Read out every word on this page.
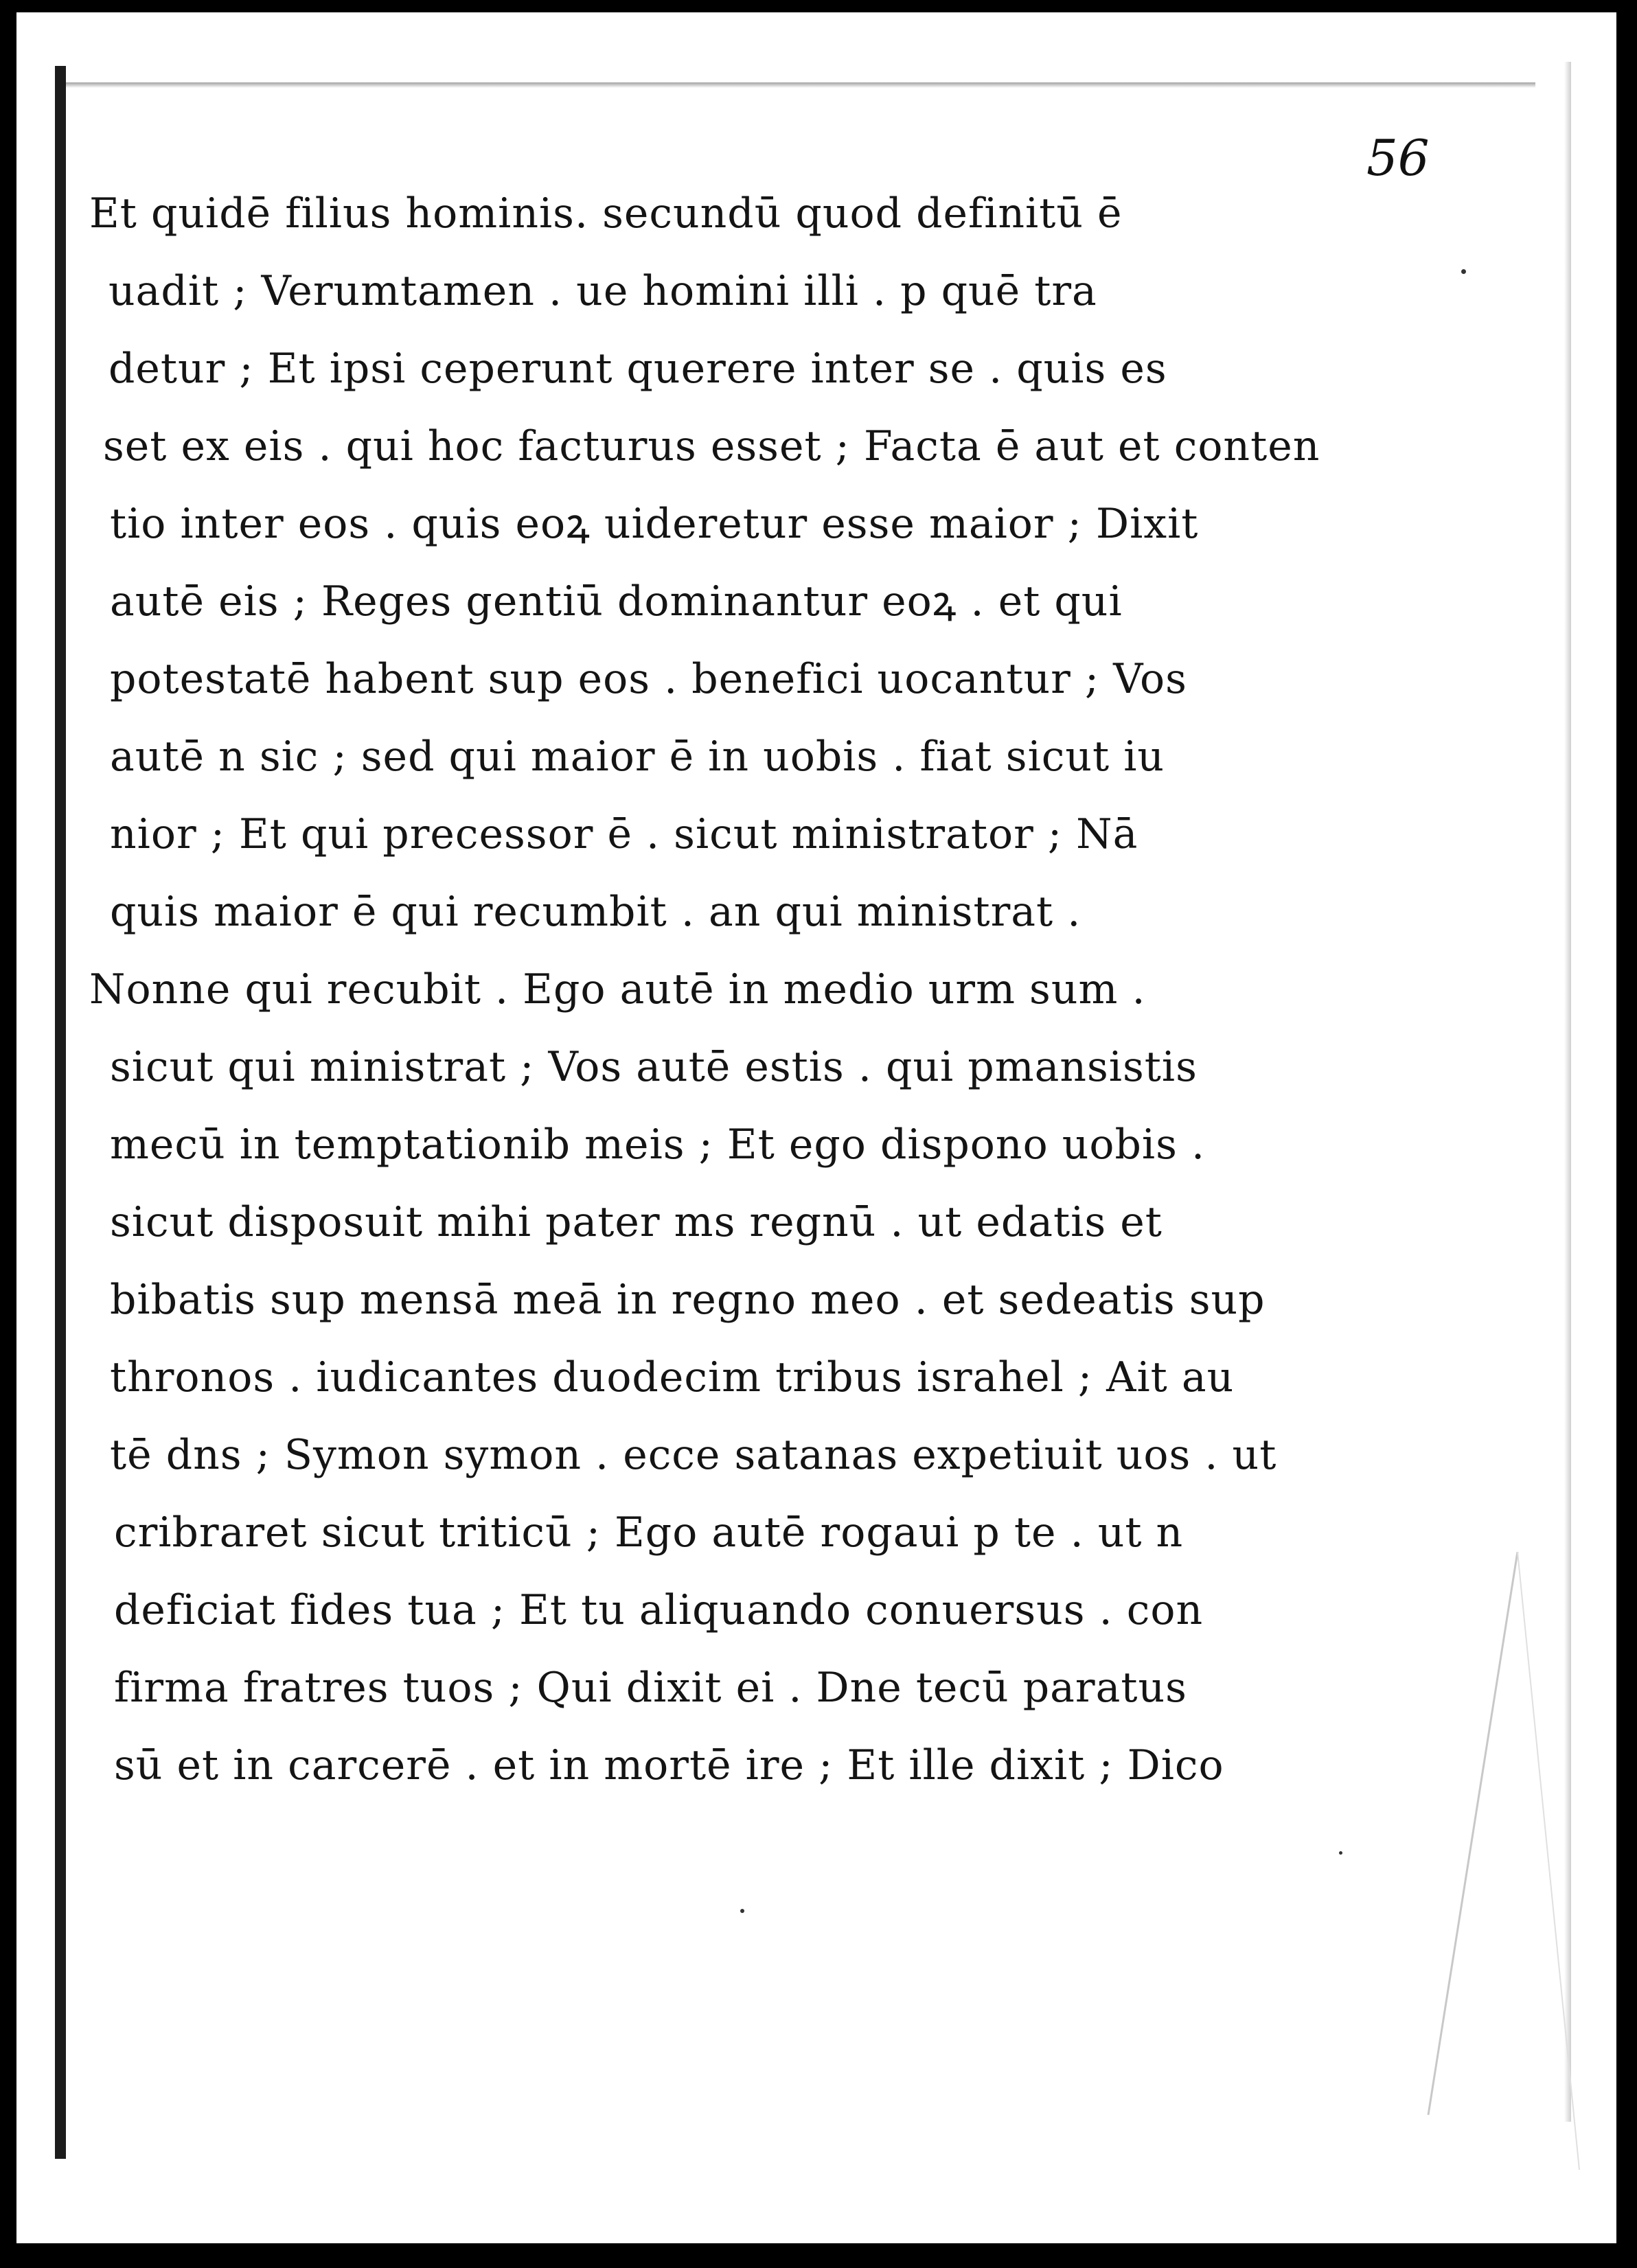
56
Et quidē filius hominis. secundū quod definitū ē
uadit ; Verumtamen . ue homini illi . p quē tra
detur ; Et ipsi ceperunt querere inter se . quis es
set ex eis . qui hoc facturus esset ; Facta ē aut et conten
tio inter eos . quis eoꝝ uideretur esse maior ; Dixit
autē eis ; Reges gentiū dominantur eoꝝ . et qui
potestatē habent sup eos . benefici uocantur ; Vos
autē n sic ; sed qui maior ē in uobis . fiat sicut iu
nior ; Et qui precessor ē . sicut ministrator ; Nā
quis maior ē qui recumbit . an qui ministrat .
Nonne qui recubit . Ego autē in medio urm sum .
sicut qui ministrat ; Vos autē estis . qui pmansistis
mecū in temptationib meis ; Et ego dispono uobis .
sicut disposuit mihi pater ms regnū . ut edatis et
bibatis sup mensā meā in regno meo . et sedeatis sup
thronos . iudicantes duodecim tribus israhel ; Ait au
tē dns ; Symon symon . ecce satanas expetiuit uos . ut
cribraret sicut triticū ; Ego autē rogaui p te . ut n
deficiat fides tua ; Et tu aliquando conuersus . con
firma fratres tuos ; Qui dixit ei . Dne tecū paratus
sū et in carcerē . et in mortē ire ; Et ille dixit ; Dico
